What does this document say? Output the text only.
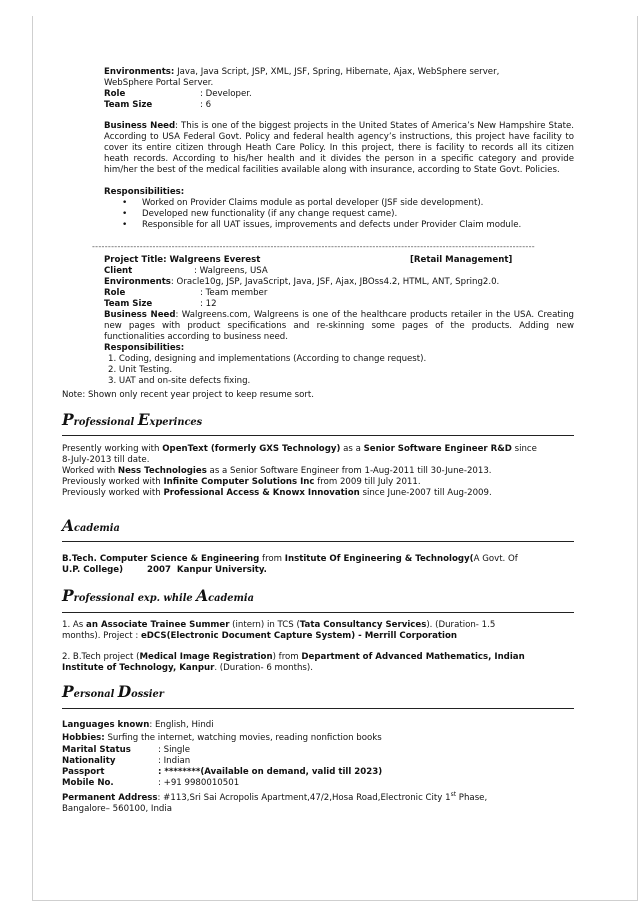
Environments: Java, Java Script, JSP, XML, JSF, Spring, Hibernate, Ajax, WebSphere server,
WebSphere Portal Server.
Role	: Developer.
Team Size	: 6
Business Need: This is one of the biggest projects in the United States of America’s New Hampshire State. According to USA Federal Govt. Policy and federal health agency’s instructions, this project have facility to cover its entire citizen through Heath Care Policy. In this project, there is facility to records all its citizen heath records. According to his/her health and it divides the person in a specific category and provide him/her the best of the medical facilities available along with insurance, according to State Govt. Policies.
Responsibilities:
• Worked on Provider Claims module as portal developer (JSF side development).
• Developed new functionality (if any change request came).
• Responsible for all UAT issues, improvements and defects under Provider Claim module.
-------------------------------------------------------------------------------------------------------------------------------------------
Project Title: Walgreens Everest	[Retail Management]
Client	: Walgreens, USA
Environments: Oracle10g, JSP, JavaScript, Java, JSF, Ajax, JBOss4.2, HTML, ANT, Spring2.0.
Role	: Team member
Team Size	: 12
Business Need: Walgreens.com, Walgreens is one of the healthcare products retailer in the USA. Creating new pages with product specifications and re-skinning some pages of the products. Adding new functionalities according to business need.
Responsibilities:
1. Coding, designing and implementations (According to change request).
2. Unit Testing.
3. UAT and on-site defects fixing.
Note: Shown only recent year project to keep resume sort.
Professional Experinces
Presently working with OpenText (formerly GXS Technology) as a Senior Software Engineer R&D since
8-July-2013 till date.
Worked with Ness Technologies as a Senior Software Engineer from 1-Aug-2011 till 30-June-2013.
Previously worked with Infinite Computer Solutions Inc from 2009 till July 2011.
Previously worked with Professional Access & Knowx Innovation since June-2007 till Aug-2009.
Academia
B.Tech. Computer Science & Engineering from Institute Of Engineering & Technology(A Govt. Of
U.P. College)        2007  Kanpur University.
Professional exp. while Academia
1. As an Associate Trainee Summer (intern) in TCS (Tata Consultancy Services). (Duration- 1.5
months). Project : eDCS(Electronic Document Capture System) - Merrill Corporation
2. B.Tech project (Medical Image Registration) from Department of Advanced Mathematics, Indian
Institute of Technology, Kanpur. (Duration- 6 months).
Personal Dossier
Languages known: English, Hindi
Hobbies: Surfing the internet, watching movies, reading nonfiction books
Marital Status	: Single
Nationality	: Indian
Passport	: ********(Available on demand, valid till 2023)
Mobile No.	: +91 9980010501
Permanent Address: #113,Sri Sai Acropolis Apartment,47/2,Hosa Road,Electronic City 1st Phase,
Bangalore– 560100, India
